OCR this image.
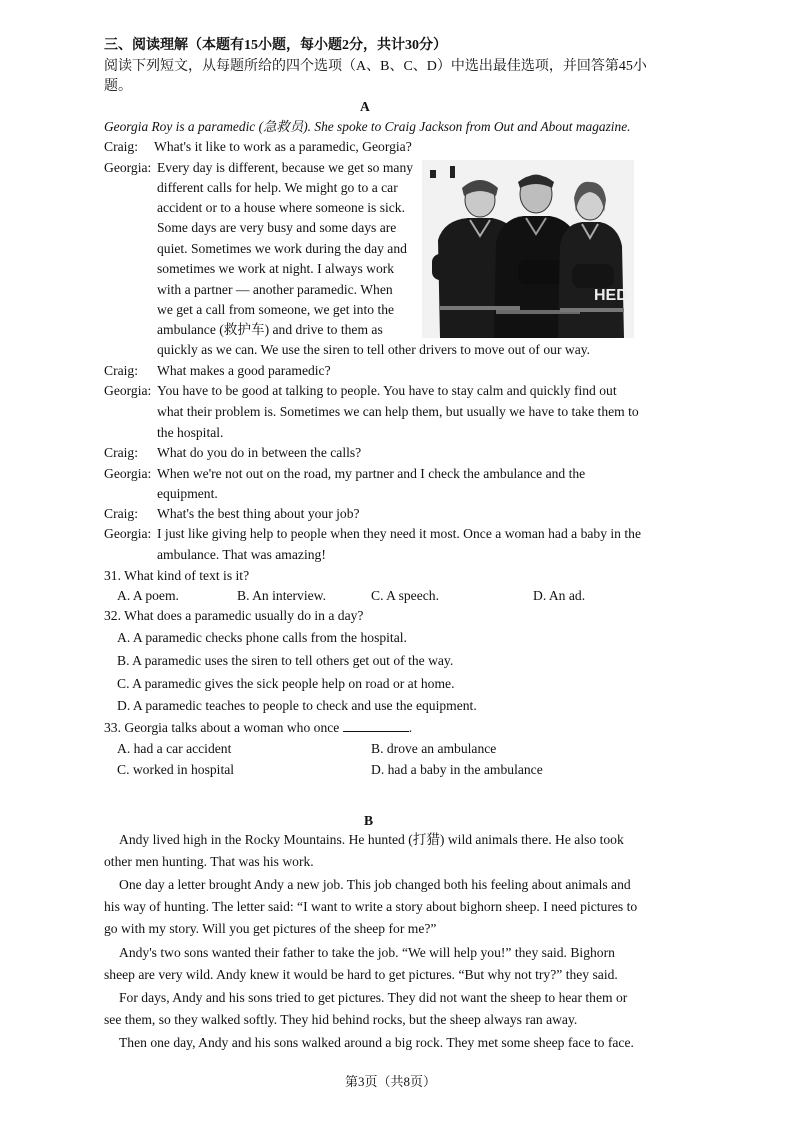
三、阅读理解（本题有15小题，每小题2分，共计30分）
阅读下列短文，从每题所给的四个选项（A、B、C、D）中选出最佳选项，并回答第45小
题。
A
Georgia Roy is a paramedic (急救员). She spoke to Craig Jackson from Out and About magazine.
Craig: What's it like to work as a paramedic, Georgia?
Georgia: Every day is different, because we get so many
different calls for help. We might go to a car
accident or to a house where someone is sick.
Some days are very busy and some days are
quiet. Sometimes we work during the day and
sometimes we work at night. I always work
with a partner — another paramedic. When
we get a call from someone, we get into the
ambulance (救护车) and drive to them as
quickly as we can. We use the siren to tell other drivers to move out of our way.
HED
Craig: What makes a good paramedic?
Georgia: You have to be good at talking to people. You have to stay calm and quickly find out
what their problem is. Sometimes we can help them, but usually we have to take them to
the hospital.
Craig: What do you do in between the calls?
Georgia: When we're not out on the road, my partner and I check the ambulance and the
equipment.
Craig: What's the best thing about your job?
Georgia: I just like giving help to people when they need it most. Once a woman had a baby in the
ambulance. That was amazing!
31. What kind of text is it?
A. A poem.	B. An interview.	C. A speech.	D. An ad.
32. What does a paramedic usually do in a day?
A. A paramedic checks phone calls from the hospital.
B. A paramedic uses the siren to tell others get out of the way.
C. A paramedic gives the sick people help on road or at home.
D. A paramedic teaches to people to check and use the equipment.
33. Georgia talks about a woman who once	.
A. had a car accident	B. drove an ambulance
C. worked in hospital	D. had a baby in the ambulance
B
Andy lived high in the Rocky Mountains. He hunted (打猎) wild animals there. He also took
other men hunting. That was his work.
One day a letter brought Andy a new job. This job changed both his feeling about animals and
his way of hunting. The letter said: “I want to write a story about bighorn sheep. I need pictures to
go with my story. Will you get pictures of the sheep for me?”
Andy's two sons wanted their father to take the job. “We will help you!” they said. Bighorn
sheep are very wild. Andy knew it would be hard to get pictures. “But why not try?” they said.
For days, Andy and his sons tried to get pictures. They did not want the sheep to hear them or
see them, so they walked softly. They hid behind rocks, but the sheep always ran away.
Then one day, Andy and his sons walked around a big rock. They met some sheep face to face.
第3页（共8页）
